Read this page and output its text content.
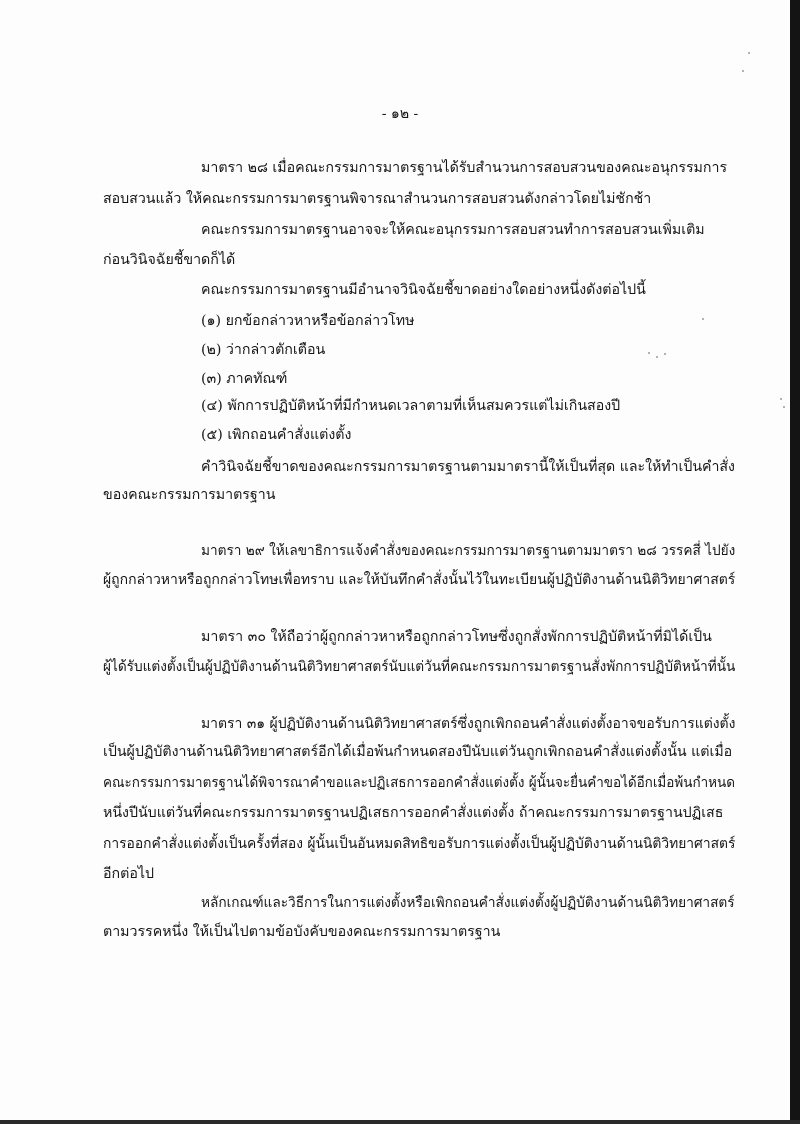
- ๑๒ -
มาตรา ๒๘ เมื่อคณะกรรมการมาตรฐานได้รับสำนวนการสอบสวนของคณะอนุกรรมการ
สอบสวนแล้ว ให้คณะกรรมการมาตรฐานพิจารณาสำนวนการสอบสวนดังกล่าวโดยไม่ชักช้า
คณะกรรมการมาตรฐานอาจจะให้คณะอนุกรรมการสอบสวนทำการสอบสวนเพิ่มเติม
ก่อนวินิจฉัยชี้ขาดก็ได้
คณะกรรมการมาตรฐานมีอำนาจวินิจฉัยชี้ขาดอย่างใดอย่างหนึ่งดังต่อไปนี้
(๑) ยกข้อกล่าวหาหรือข้อกล่าวโทษ
(๒) ว่ากล่าวตักเตือน
(๓) ภาคทัณฑ์
(๔) พักการปฏิบัติหน้าที่มีกำหนดเวลาตามที่เห็นสมควรแต่ไม่เกินสองปี
(๕) เพิกถอนคำสั่งแต่งตั้ง
คำวินิจฉัยชี้ขาดของคณะกรรมการมาตรฐานตามมาตรานี้ให้เป็นที่สุด และให้ทำเป็นคำสั่ง
ของคณะกรรมการมาตรฐาน
มาตรา ๒๙ ให้เลขาธิการแจ้งคำสั่งของคณะกรรมการมาตรฐานตามมาตรา ๒๘ วรรคสี่ ไปยัง
ผู้ถูกกล่าวหาหรือถูกกล่าวโทษเพื่อทราบ และให้บันทึกคำสั่งนั้นไว้ในทะเบียนผู้ปฏิบัติงานด้านนิติวิทยาศาสตร์
มาตรา ๓๐ ให้ถือว่าผู้ถูกกล่าวหาหรือถูกกล่าวโทษซึ่งถูกสั่งพักการปฏิบัติหน้าที่มิได้เป็น
ผู้ได้รับแต่งตั้งเป็นผู้ปฏิบัติงานด้านนิติวิทยาศาสตร์นับแต่วันที่คณะกรรมการมาตรฐานสั่งพักการปฏิบัติหน้าที่นั้น
มาตรา ๓๑ ผู้ปฏิบัติงานด้านนิติวิทยาศาสตร์ซึ่งถูกเพิกถอนคำสั่งแต่งตั้งอาจขอรับการแต่งตั้ง
เป็นผู้ปฏิบัติงานด้านนิติวิทยาศาสตร์อีกได้เมื่อพ้นกำหนดสองปีนับแต่วันถูกเพิกถอนคำสั่งแต่งตั้งนั้น แต่เมื่อ
คณะกรรมการมาตรฐานได้พิจารณาคำขอและปฏิเสธการออกคำสั่งแต่งตั้ง ผู้นั้นจะยื่นคำขอได้อีกเมื่อพ้นกำหนด
หนึ่งปีนับแต่วันที่คณะกรรมการมาตรฐานปฏิเสธการออกคำสั่งแต่งตั้ง ถ้าคณะกรรมการมาตรฐานปฏิเสธ
การออกคำสั่งแต่งตั้งเป็นครั้งที่สอง ผู้นั้นเป็นอันหมดสิทธิขอรับการแต่งตั้งเป็นผู้ปฏิบัติงานด้านนิติวิทยาศาสตร์
อีกต่อไป
หลักเกณฑ์และวิธีการในการแต่งตั้งหรือเพิกถอนคำสั่งแต่งตั้งผู้ปฏิบัติงานด้านนิติวิทยาศาสตร์
ตามวรรคหนึ่ง ให้เป็นไปตามข้อบังคับของคณะกรรมการมาตรฐาน
